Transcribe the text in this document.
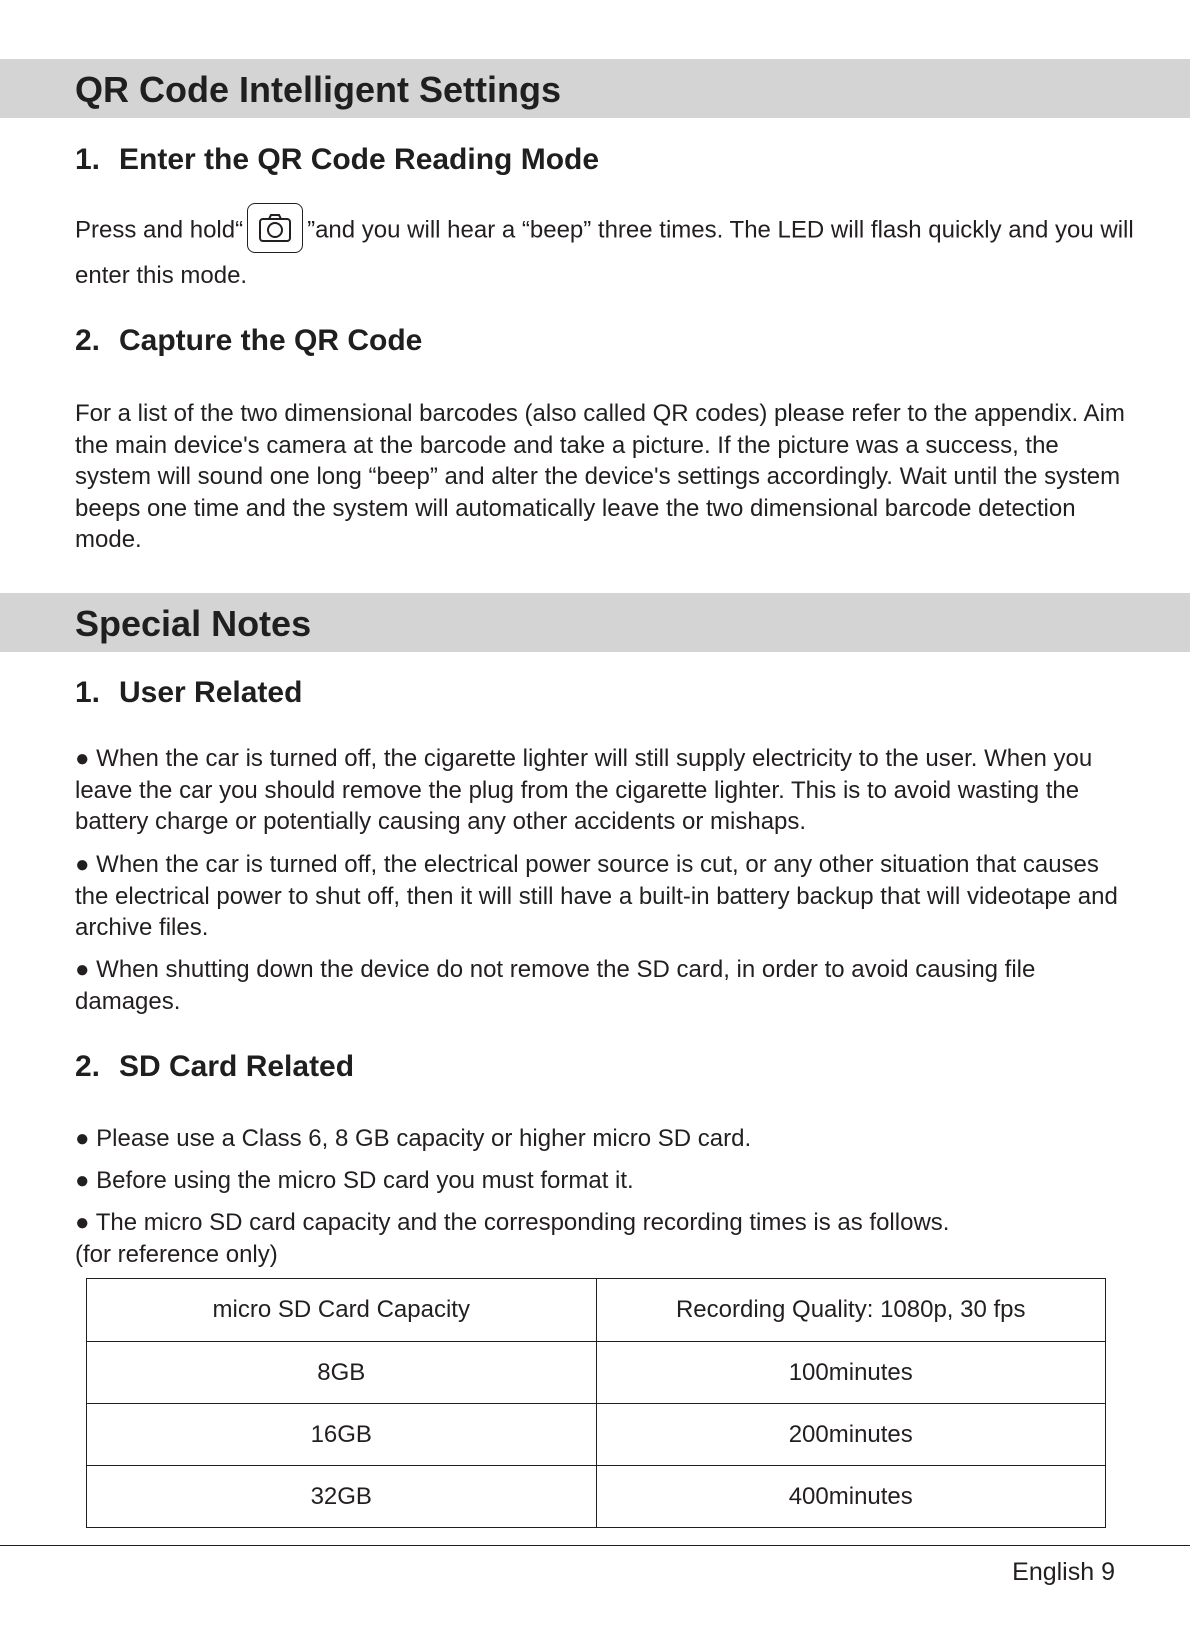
QR Code Intelligent Settings
1. Enter the QR Code Reading Mode

Press and hold“	”and you will hear a “beep” three times. The LED will flash quickly and you will enter this mode.

2. Capture the QR Code

For a list of the two dimensional barcodes (also called QR codes) please refer to the appendix. Aim the main device's camera at the barcode and take a picture. If the picture was a success, the system will sound one long “beep” and alter the device's settings accordingly. Wait until the system beeps one time and the system will automatically leave the two dimensional barcode detection mode.

Special Notes
1. User Related

● When the car is turned off, the cigarette lighter will still supply electricity to the user. When you leave the car you should remove the plug from the cigarette lighter. This is to avoid wasting the battery charge or potentially causing any other accidents or mishaps.

● When the car is turned off, the electrical power source is cut, or any other situation that causes the electrical power to shut off, then it will still have a built-in battery backup that will videotape and archive files.

● When shutting down the device do not remove the SD card, in order to avoid causing file damages.

2. SD Card Related

● Please use a Class 6, 8 GB capacity or higher micro SD card.

● Before using the micro SD card you must format it.

● The micro SD card capacity and the corresponding recording times is as follows.

(for reference only)

micro SD Card Capacity	Recording Quality: 1080p, 30 fps
8GB	100minutes
16GB	200minutes
32GB	400minutes
English 9
